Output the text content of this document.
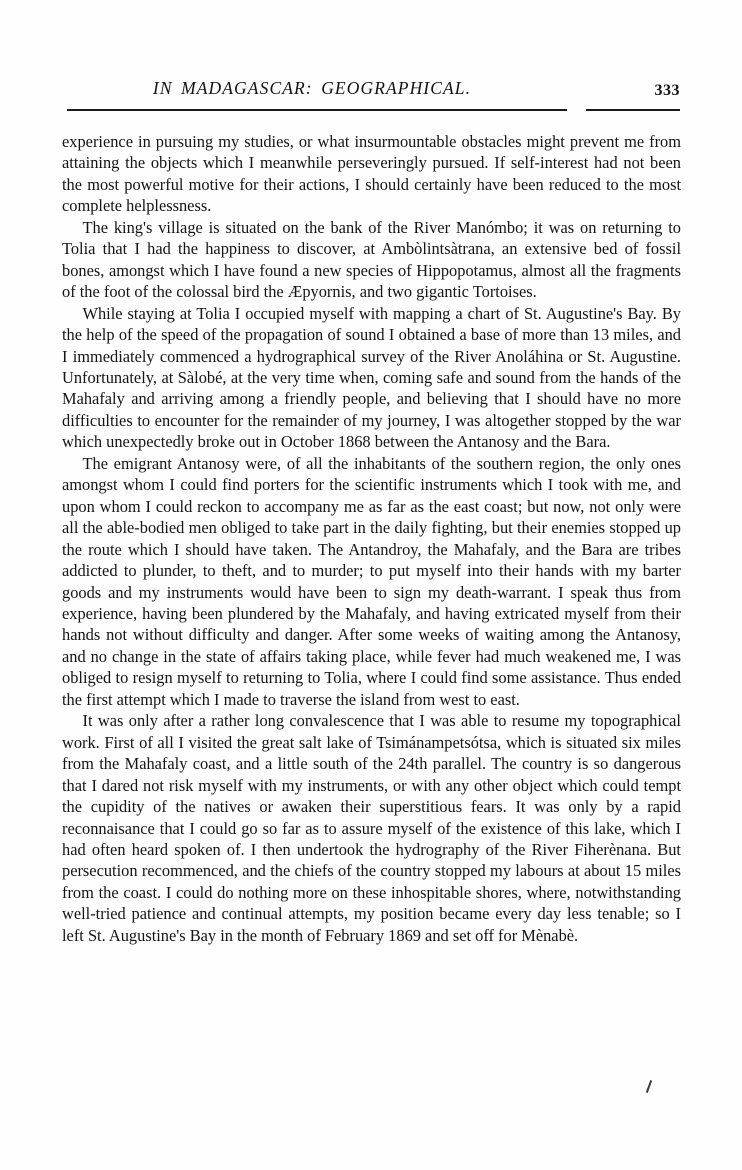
IN MADAGASCAR: GEOGRAPHICAL.	333

experience in pursuing my studies, or what insurmountable obstacles might prevent me from attaining the objects which I meanwhile perseveringly pursued. If self-interest had not been the most powerful motive for their actions, I should certainly have been reduced to the most complete helplessness.

The king's village is situated on the bank of the River Manómbo; it was on returning to Tolia that I had the happiness to discover, at Ambòlintsàtrana, an extensive bed of fossil bones, amongst which I have found a new species of Hippopotamus, almost all the fragments of the foot of the colossal bird the Æpyornis, and two gigantic Tortoises.

While staying at Tolia I occupied myself with mapping a chart of St. Augustine's Bay. By the help of the speed of the propagation of sound I obtained a base of more than 13 miles, and I immediately commenced a hydrographical survey of the River Anoláhina or St. Augustine. Unfortunately, at Sàlobé, at the very time when, coming safe and sound from the hands of the Mahafaly and arriving among a friendly people, and believing that I should have no more difficulties to encounter for the remainder of my journey, I was altogether stopped by the war which unexpectedly broke out in October 1868 between the Antanosy and the Bara.

The emigrant Antanosy were, of all the inhabitants of the southern region, the only ones amongst whom I could find porters for the scientific instruments which I took with me, and upon whom I could reckon to accompany me as far as the east coast; but now, not only were all the able-bodied men obliged to take part in the daily fighting, but their enemies stopped up the route which I should have taken. The Antandroy, the Mahafaly, and the Bara are tribes addicted to plunder, to theft, and to murder; to put myself into their hands with my barter goods and my instruments would have been to sign my death-warrant. I speak thus from experience, having been plundered by the Mahafaly, and having extricated myself from their hands not without difficulty and danger. After some weeks of waiting among the Antanosy, and no change in the state of affairs taking place, while fever had much weakened me, I was obliged to resign myself to returning to Tolia, where I could find some assistance. Thus ended the first attempt which I made to traverse the island from west to east.

It was only after a rather long convalescence that I was able to resume my topographical work. First of all I visited the great salt lake of Tsimánampetsótsa, which is situated six miles from the Mahafaly coast, and a little south of the 24th parallel. The country is so dangerous that I dared not risk myself with my instruments, or with any other object which could tempt the cupidity of the natives or awaken their superstitious fears. It was only by a rapid reconnaisance that I could go so far as to assure myself of the existence of this lake, which I had often heard spoken of. I then undertook the hydrography of the River Fiherènana. But persecution recommenced, and the chiefs of the country stopped my labours at about 15 miles from the coast. I could do nothing more on these inhospitable shores, where, notwithstanding well-tried patience and continual attempts, my position became every day less tenable; so I left St. Augustine's Bay in the month of February 1869 and set off for Mènabè.
